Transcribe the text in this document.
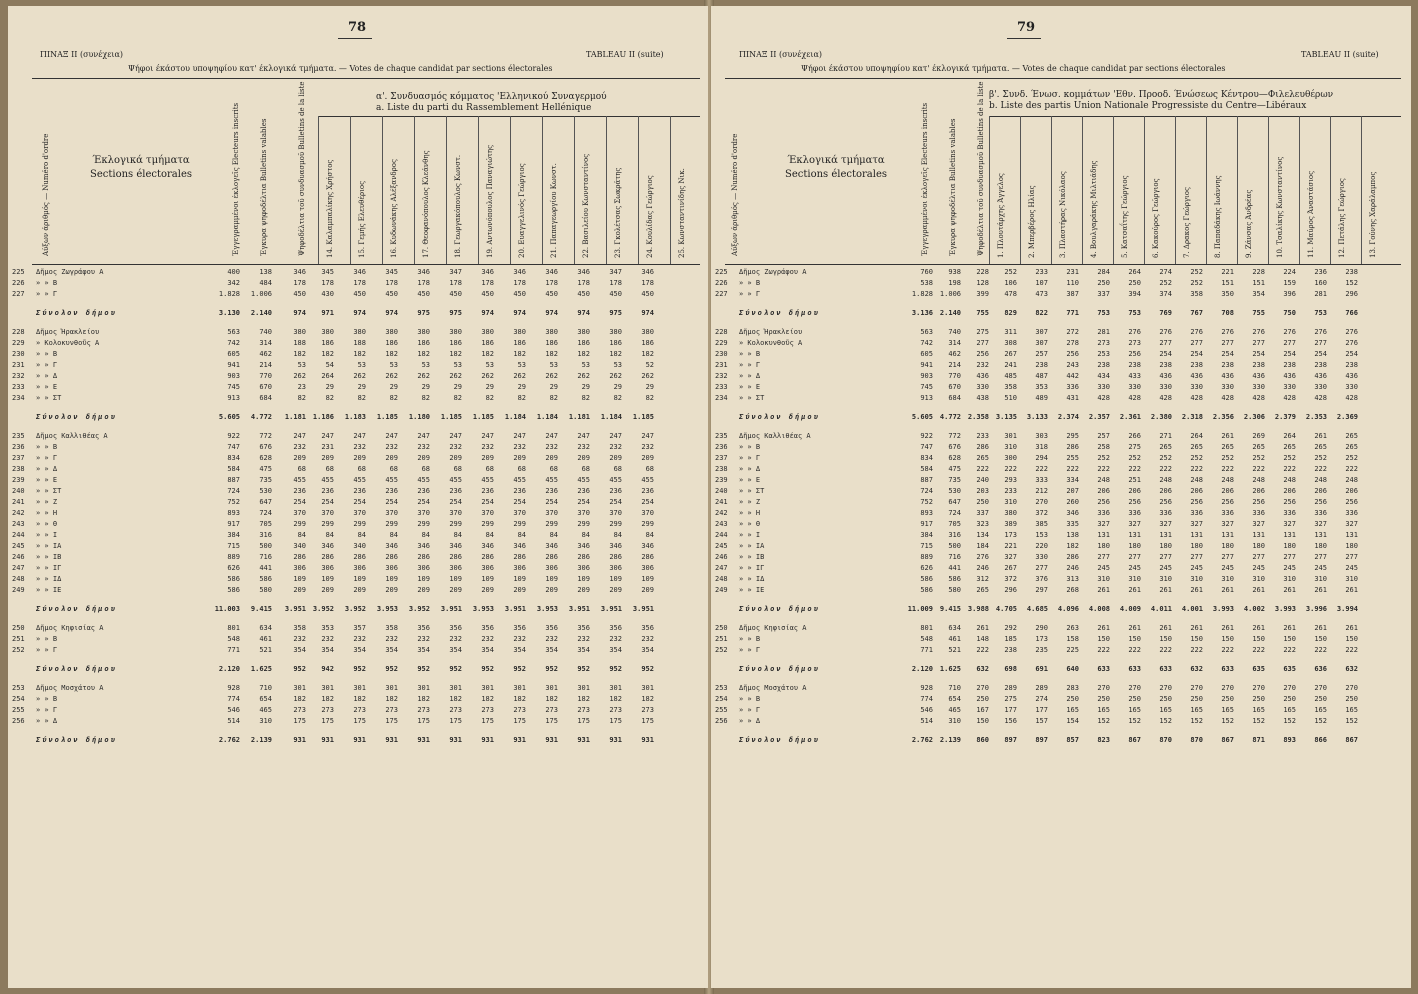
78
ΠΙΝΑΞ II (συνέχεια)	TABLEAU II (suite)
Ψήφοι έκάστου υποψηφίου κατ' έκλογικά τμήματα. — Votes de chaque candidat par sections électorales
Αύξων άριθμός — Numéro d'ordre	Έκλογικά τμήματα
Sections électorales	Έγγεγραμμένοι έκλογεῖς Electeurs inscrits	Έγκυρα ψηφοδέλτια Bulletins valables	Ψηφοδέλτια τοῦ συνδυασμοῦ Bulletins de la liste	α'. Συνδυασμός κόμματος 'Ελληνικού Συναγερμού
a. Liste du parti du Rassemblement Hellénique
14. Καλαμπαλίκης Χρήστος	15. Γεμής Ελευθέριος	16. Κυδωνάκης Αλέξανδρος	17. Θεοφανόπουλος Κλεάνθης	18. Γεωργακόπουλος Κωνστ.	19. Αντωνόπουλος Παναγιώτης	20. Ευαγγελινός Γεώργιος	21. Παπαγεωργίου Κωνστ.	22. Βασιλείου Κωνσταντίνος	23. Γκολέτσας Σωκράτης	24. Κουλίδας Γεώργιος	25. Κωνσταντινίδης Νικ.
225	Δῆμος Ζωγράφου Α	400	138	346	345	346	345	346	347	346	346	346	346	347	346
226	» » Β	342	484	178	178	178	178	178	178	178	178	178	178	178	178
227	» » Γ	1.828	1.006	450	430	450	450	450	450	450	450	450	450	450	450
Σύνολον δήμου	3.130	2.140	974	971	974	974	975	975	974	974	974	974	975	974
228	Δῆμος Ἡρακλείου	563	740	380	380	380	380	380	380	380	380	380	380	380	380
229	» Κολοκυνθοῦς Α	742	314	188	186	188	186	186	186	186	186	186	186	186	186
230	» » Β	605	462	182	182	182	182	182	182	182	182	182	182	182	182
231	» » Γ	941	214	53	54	53	53	53	53	53	53	53	53	53	52
232	» » Δ	903	770	262	264	262	262	262	262	262	262	262	262	262	262
233	» » Ε	745	670	23	29	29	29	29	29	29	29	29	29	29	29
234	» » ΣΤ	913	684	82	82	82	82	82	82	82	82	82	82	82	82
Σύνολον δήμου	5.605	4.772	1.181 1.186	1.183	1.185	1.180	1.185	1.185	1.184	1.184	1.181	1.184	1.185
235	Δῆμος Καλλιθέας Α	922	772	247	247	247	247	247	247	247	247	247	247	247	247
236	» » Β	747	676	232	231	232	232	232	232	232	232	232	232	232	232
237	» » Γ	834	628	209	209	209	209	209	209	209	209	209	209	209	209
238	» » Δ	584	475	68	68	68	68	68	68	68	68	68	68	68	68
239	» » Ε	887	735	455	455	455	455	455	455	455	455	455	455	455	455
240	» » ΣΤ	724	530	236	236	236	236	236	236	236	236	236	236	236	236
241	» » Ζ	752	647	254	254	254	254	254	254	254	254	254	254	254	254
242	» » Η	893	724	370	370	370	370	370	370	370	370	370	370	370	370
243	» » Θ	917	705	299	299	299	299	299	299	299	299	299	299	299	299
244	» » Ι	384	316	84	84	84	84	84	84	84	84	84	84	84	84
245	» » ΙΑ	715	500	340	346	340	346	346	346	346	346	346	346	346	346
246	» » ΙΒ	889	716	286	286	286	286	286	286	286	286	286	286	286	286
247	» » ΙΓ	626	441	306	306	306	306	306	306	306	306	306	306	306	306
248	» » ΙΔ	586	586	109	109	109	109	109	109	109	109	109	109	109	109
249	» » ΙΕ	586	580	209	209	209	209	209	209	209	209	209	209	209	209
Σύνολον δήμου	11.003	9.415	3.951 3.952	3.952	3.953	3.952	3.951	3.953	3.951	3.953	3.951	3.951	3.951
250	Δῆμος Κηφισίας Α	801	634	358	353	357	358	356	356	356	356	356	356	356	356
251	» » Β	548	461	232	232	232	232	232	232	232	232	232	232	232	232
252	» » Γ	771	521	354	354	354	354	354	354	354	354	354	354	354	354
Σύνολον δήμου	2.120	1.625	952	942	952	952	952	952	952	952	952	952	952	952
253	Δῆμος Μοσχάτου Α	928	710	301	301	301	301	301	301	301	301	301	301	301	301
254	» » Β	774	654	182	182	182	182	182	182	182	182	182	182	182	182
255	» » Γ	546	465	273	273	273	273	273	273	273	273	273	273	273	273
256	» » Δ	514	310	175	175	175	175	175	175	175	175	175	175	175	175
Σύνολον δήμου	2.762	2.139	931	931	931	931	931	931	931	931	931	931	931	931
79
ΠΙΝΑΞ II (συνέχεια)	TABLEAU II (suite)
Ψήφοι έκάστου υποψηφίου κατ' έκλογικά τμήματα. — Votes de chaque candidat par sections électorales
Αύξων άριθμός — Numéro d'ordre	Έκλογικά τμήματα
Sections électorales	Έγγεγραμμένοι έκλογεῖς Electeurs inscrits	Έγκυρα ψηφοδέλτια Bulletins valables	Ψηφοδέλτια τοῦ συνδυασμοῦ Bulletins de la liste β'. Συνδ. Ένωσ. κομμάτων 'Εθν. Προοδ. Ένώσεως Κέντρου—Φιλελευθέρων
b. Liste des partis Union Nationale Progressiste du Centre—Libéraux
1. Πλουτάρχης Άγγελος	2. Μπερβέρος Ηλίας	3. Πλαστήρας Νικόλαος	4. Βουλγαράκης Μιλτιάδης	5. Κατσαΐτης Γεώργιος	6. Κακούρος Γεώργιος	7. Δρακος Γεώργιος	8. Παπαδάκης Ιωάννης	9. Ζάνσας Άνδρέας	10. Τσαλίκης Κωνσταντίνος	11. Μαύρος Άναστάσιος	12. Πετάλης Γεώργιος	13. Γούνης Χαράλαμπος
225	Δῆμος Ζωγράφου Α	760	938	228	252	233	231	284	264	274	252	221	228	224	236	238
226	» » Β	538	198	128	106	107	110	250	250	252	252	151	151	159	160	152
227	» » Γ	1.828 1.006	399	478	473	387	337	394	374	358	350	354	396	281	296
Σύνολον δήμου	3.136 2.140	755	829	822	771	753	753	769	767	708	755	750	753	766
228	Δῆμος Ἡρακλείου	563	740	275	311	307	272	281	276	276	276	276	276	276	276	276
229	» Κολοκυνθοῦς Α	742	314	277	308	307	278	273	273	277	277	277	277	277	277	276
230	» » Β	605	462	256	267	257	256	253	256	254	254	254	254	254	254	254
231	» » Γ	941	214	232	241	238	243	238	238	238	238	238	238	238	238	238
232	» » Δ	903	770	436	485	487	442	434	433	436	436	436	436	436	436	436
233	» » Ε	745	670	330	358	353	336	330	330	330	330	330	330	330	330	330
234	» » ΣΤ	913	684	438	510	489	431	428	428	428	428	428	428	428	428	428
Σύνολον δήμου	5.605 4.772 2.358 3.135	3.133	2.374	2.357	2.361	2.380	2.318	2.356	2.306	2.379	2.353	2.369
235	Δῆμος Καλλιθέας Α	922	772	233	301	303	295	257	266	271	264	261	269	264	261	265
236	» » Β	747	676	286	310	318	286	258	275	265	265	265	265	265	265	265
237	» » Γ	834	628	265	300	294	255	252	252	252	252	252	252	252	252	252
238	» » Δ	584	475	222	222	222	222	222	222	222	222	222	222	222	222	222
239	» » Ε	887	735	240	293	333	334	248	251	248	248	248	248	248	248	248
240	» » ΣΤ	724	530	203	233	212	207	206	206	206	206	206	206	206	206	206
241	» » Ζ	752	647	250	310	270	260	256	256	256	256	256	256	256	256	256
242	» » Η	893	724	337	380	372	346	336	336	336	336	336	336	336	336	336
243	» » Θ	917	705	323	389	385	335	327	327	327	327	327	327	327	327	327
244	» » Ι	384	316	134	173	153	138	131	131	131	131	131	131	131	131	131
245	» » ΙΑ	715	500	184	221	220	182	180	180	180	180	180	180	180	180	180
246	» » ΙΒ	889	716	276	327	330	286	277	277	277	277	277	277	277	277	277
247	» » ΙΓ	626	441	246	267	277	246	245	245	245	245	245	245	245	245	245
248	» » ΙΔ	586	586	312	372	376	313	310	310	310	310	310	310	310	310	310
249	» » ΙΕ	586	580	265	296	297	268	261	261	261	261	261	261	261	261	261
Σύνολον δήμου	11.009 9.415 3.988 4.705	4.685	4.096	4.008	4.009	4.011	4.001	3.993	4.002	3.993	3.996	3.994
250	Δῆμος Κηφισίας Α	801	634	261	292	290	263	261	261	261	261	261	261	261	261	261
251	» » Β	548	461	148	185	173	158	150	150	150	150	150	150	150	150	150
252	» » Γ	771	521	222	238	235	225	222	222	222	222	222	222	222	222	222
Σύνολον δήμου	2.120 1.625	632	698	691	640	633	633	633	632	633	635	635	636	632
253	Δῆμος Μοσχάτου Α	928	710	270	289	289	283	270	270	270	270	270	270	270	270	270
254	» » Β	774	654	250	275	274	250	250	250	250	250	250	250	250	250	250
255	» » Γ	546	465	167	177	177	165	165	165	165	165	165	165	165	165	165
256	» » Δ	514	310	150	156	157	154	152	152	152	152	152	152	152	152	152
Σύνολον δήμου	2.762 2.139	860	897	897	857	823	867	870	870	867	871	893	866	867
